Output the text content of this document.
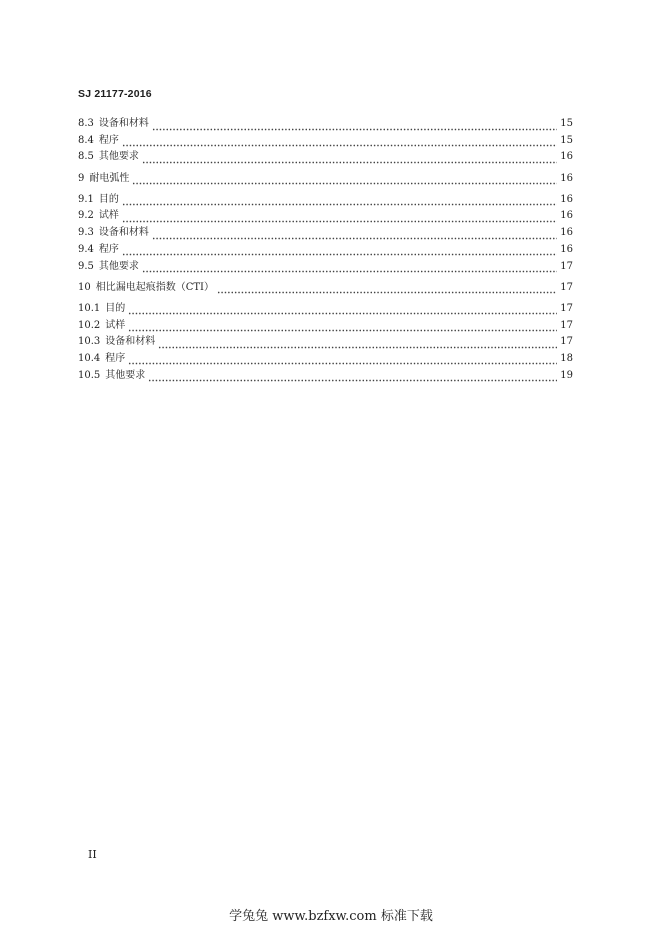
SJ 21177-2016
8.3 设备和材料	15
8.4 程序	15
8.5 其他要求	16
9 耐电弧性	16
9.1 目的	16
9.2 试样	16
9.3 设备和材料	16
9.4 程序	16
9.5 其他要求	17
10 相比漏电起痕指数（CTI）	17
10.1 目的	17
10.2 试样	17
10.3 设备和材料	17
10.4 程序	18
10.5 其他要求	19
II
学兔兔 www.bzfxw.com 标准下载
